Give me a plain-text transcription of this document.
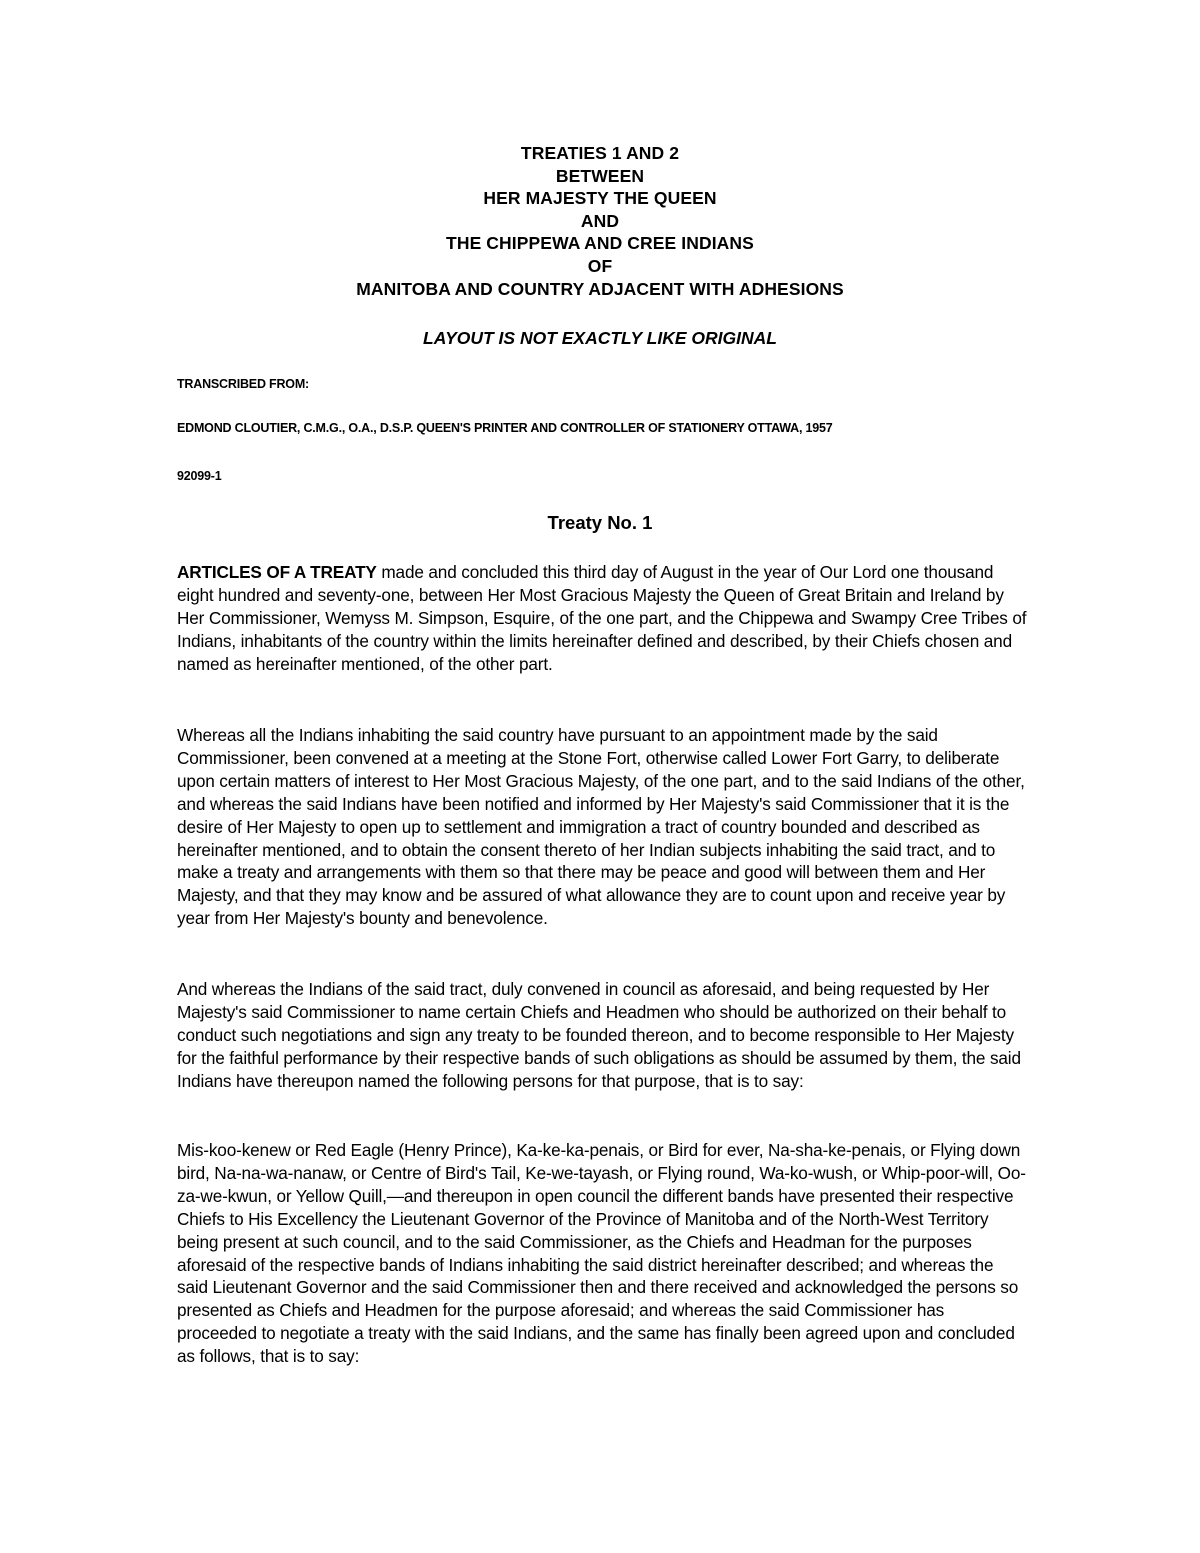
TREATIES 1 AND 2
BETWEEN
HER MAJESTY THE QUEEN
AND
THE CHIPPEWA AND CREE INDIANS
OF
MANITOBA AND COUNTRY ADJACENT WITH ADHESIONS
LAYOUT IS NOT EXACTLY LIKE ORIGINAL
TRANSCRIBED FROM:
EDMOND CLOUTIER, C.M.G., O.A., D.S.P. QUEEN'S PRINTER AND CONTROLLER OF STATIONERY OTTAWA, 1957
92099-1
Treaty No. 1

ARTICLES OF A TREATY made and concluded this third day of August in the year of Our Lord one thousand eight hundred and seventy-one, between Her Most Gracious Majesty the Queen of Great Britain and Ireland by Her Commissioner, Wemyss M. Simpson, Esquire, of the one part, and the Chippewa and Swampy Cree Tribes of Indians, inhabitants of the country within the limits hereinafter defined and described, by their Chiefs chosen and named as hereinafter mentioned, of the other part.

Whereas all the Indians inhabiting the said country have pursuant to an appointment made by the said Commissioner, been convened at a meeting at the Stone Fort, otherwise called Lower Fort Garry, to deliberate upon certain matters of interest to Her Most Gracious Majesty, of the one part, and to the said Indians of the other, and whereas the said Indians have been notified and informed by Her Majesty's said Commissioner that it is the desire of Her Majesty to open up to settlement and immigration a tract of country bounded and described as hereinafter mentioned, and to obtain the consent thereto of her Indian subjects inhabiting the said tract, and to make a treaty and arrangements with them so that there may be peace and good will between them and Her Majesty, and that they may know and be assured of what allowance they are to count upon and receive year by year from Her Majesty's bounty and benevolence.

And whereas the Indians of the said tract, duly convened in council as aforesaid, and being requested by Her Majesty's said Commissioner to name certain Chiefs and Headmen who should be authorized on their behalf to conduct such negotiations and sign any treaty to be founded thereon, and to become responsible to Her Majesty for the faithful performance by their respective bands of such obligations as should be assumed by them, the said Indians have thereupon named the following persons for that purpose, that is to say:

Mis-koo-kenew or Red Eagle (Henry Prince), Ka-ke-ka-penais, or Bird for ever, Na-sha-ke-penais, or Flying down bird, Na-na-wa-nanaw, or Centre of Bird's Tail, Ke-we-tayash, or Flying round, Wa-ko-wush, or Whip-poor-will, Oo-za-we-kwun, or Yellow Quill,—and thereupon in open council the different bands have presented their respective Chiefs to His Excellency the Lieutenant Governor of the Province of Manitoba and of the North-West Territory being present at such council, and to the said Commissioner, as the Chiefs and Headman for the purposes aforesaid of the respective bands of Indians inhabiting the said district hereinafter described; and whereas the said Lieutenant Governor and the said Commissioner then and there received and acknowledged the persons so presented as Chiefs and Headmen for the purpose aforesaid; and whereas the said Commissioner has proceeded to negotiate a treaty with the said Indians, and the same has finally been agreed upon and concluded as follows, that is to say:
